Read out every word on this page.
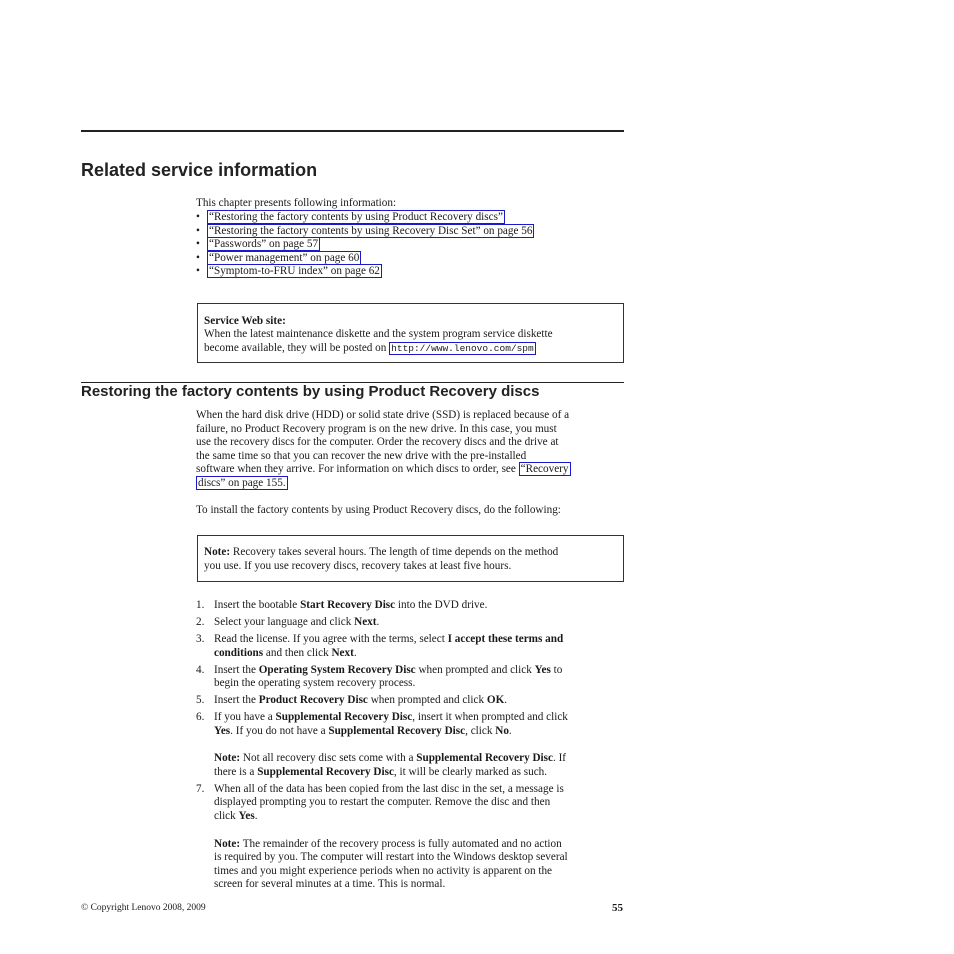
Related service information
This chapter presents following information:
• “Restoring the factory contents by using Product Recovery discs”
• “Restoring the factory contents by using Recovery Disc Set” on page 56
• “Passwords” on page 57
• “Power management” on page 60
• “Symptom-to-FRU index” on page 62
Service Web site:
When the latest maintenance diskette and the system program service diskette
become available, they will be posted on http://www.lenovo.com/spm
Restoring the factory contents by using Product Recovery discs
When the hard disk drive (HDD) or solid state drive (SSD) is replaced because of a
failure, no Product Recovery program is on the new drive. In this case, you must
use the recovery discs for the computer. Order the recovery discs and the drive at
the same time so that you can recover the new drive with the pre-installed
software when they arrive. For information on which discs to order, see “Recovery
discs” on page 155.
To install the factory contents by using Product Recovery discs, do the following:
Note: Recovery takes several hours. The length of time depends on the method
you use. If you use recovery discs, recovery takes at least five hours.
1. Insert the bootable Start Recovery Disc into the DVD drive.
2. Select your language and click Next.
3. Read the license. If you agree with the terms, select I accept these terms and
conditions and then click Next.
4. Insert the Operating System Recovery Disc when prompted and click Yes to
begin the operating system recovery process.
5. Insert the Product Recovery Disc when prompted and click OK.
6. If you have a Supplemental Recovery Disc, insert it when prompted and click
Yes. If you do not have a Supplemental Recovery Disc, click No.
Note: Not all recovery disc sets come with a Supplemental Recovery Disc. If
there is a Supplemental Recovery Disc, it will be clearly marked as such.
7. When all of the data has been copied from the last disc in the set, a message is
displayed prompting you to restart the computer. Remove the disc and then
click Yes.
Note: The remainder of the recovery process is fully automated and no action
is required by you. The computer will restart into the Windows desktop several
times and you might experience periods when no activity is apparent on the
screen for several minutes at a time. This is normal.
© Copyright Lenovo 2008, 2009	55
